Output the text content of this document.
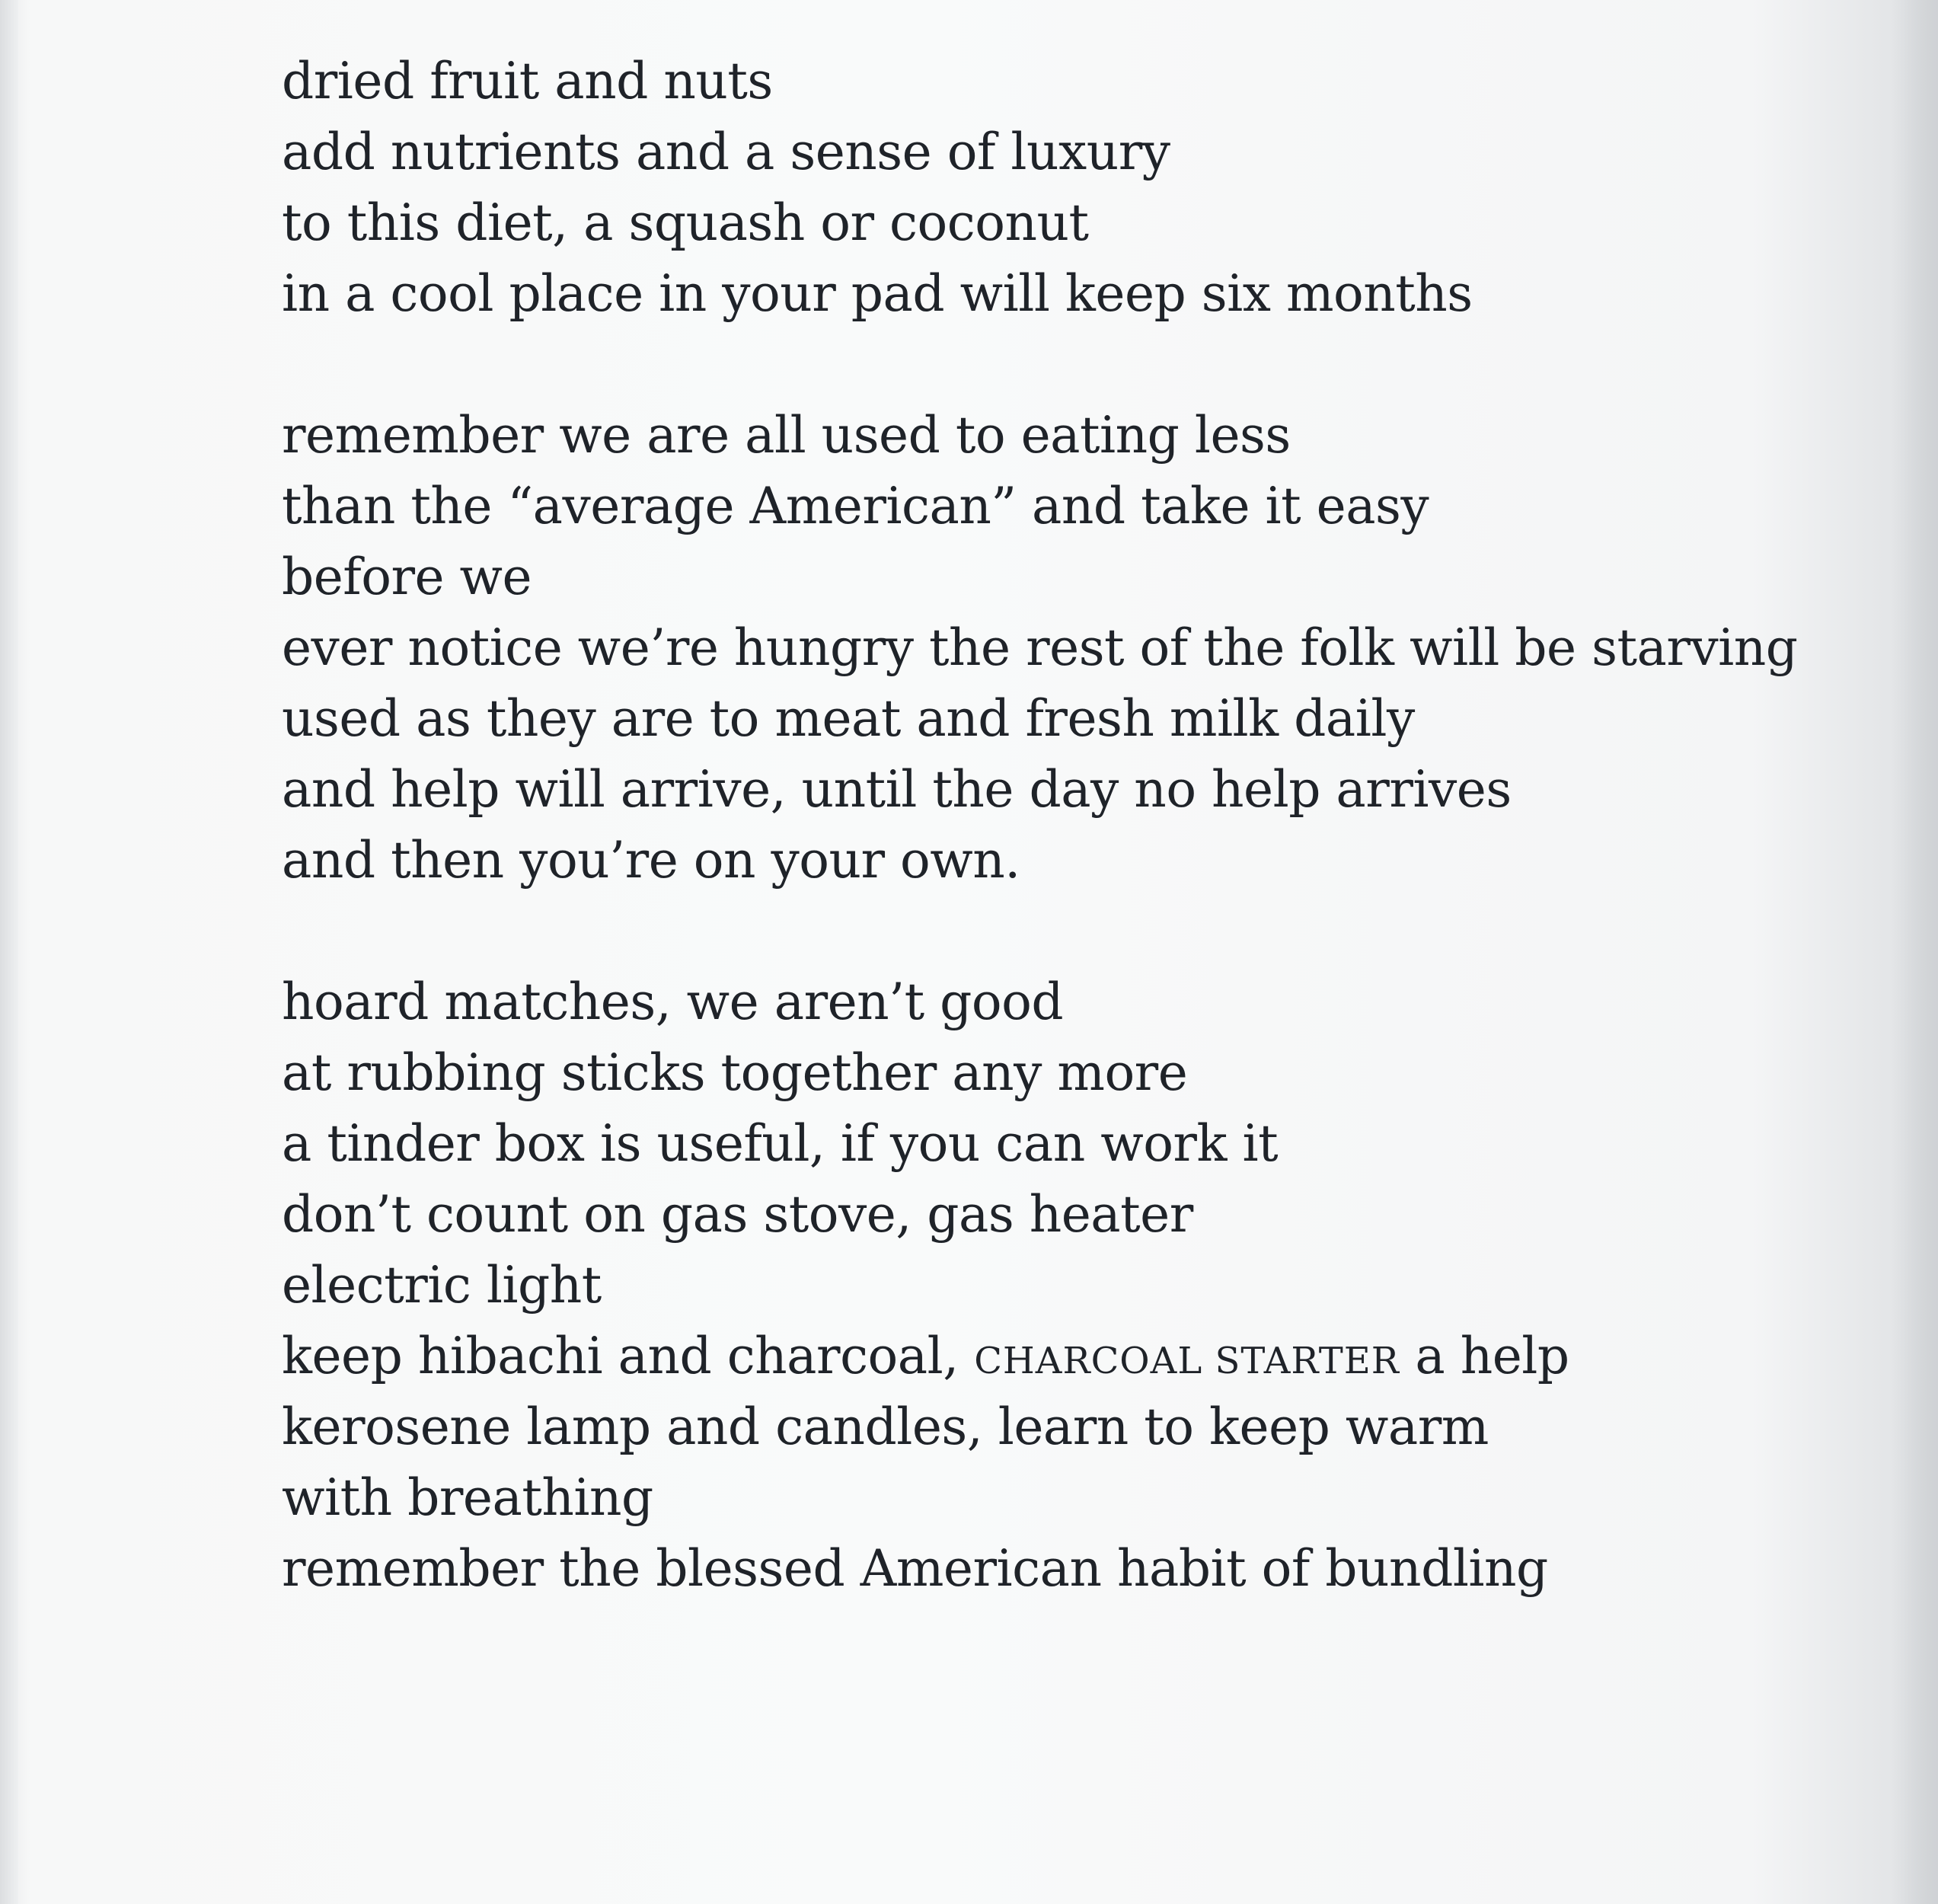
dried fruit and nuts
add nutrients and a sense of luxury
to this diet, a squash or coconut
in a cool place in your pad will keep six months
remember we are all used to eating less
than the “average American” and take it easy
before we
ever notice we’re hungry the rest of the folk will be starving
used as they are to meat and fresh milk daily
and help will arrive, until the day no help arrives
and then you’re on your own.
hoard matches, we aren’t good
at rubbing sticks together any more
a tinder box is useful, if you can work it
don’t count on gas stove, gas heater
electric light
keep hibachi and charcoal, CHARCOAL STARTER a help
kerosene lamp and candles, learn to keep warm
with breathing
remember the blessed American habit of bundling
